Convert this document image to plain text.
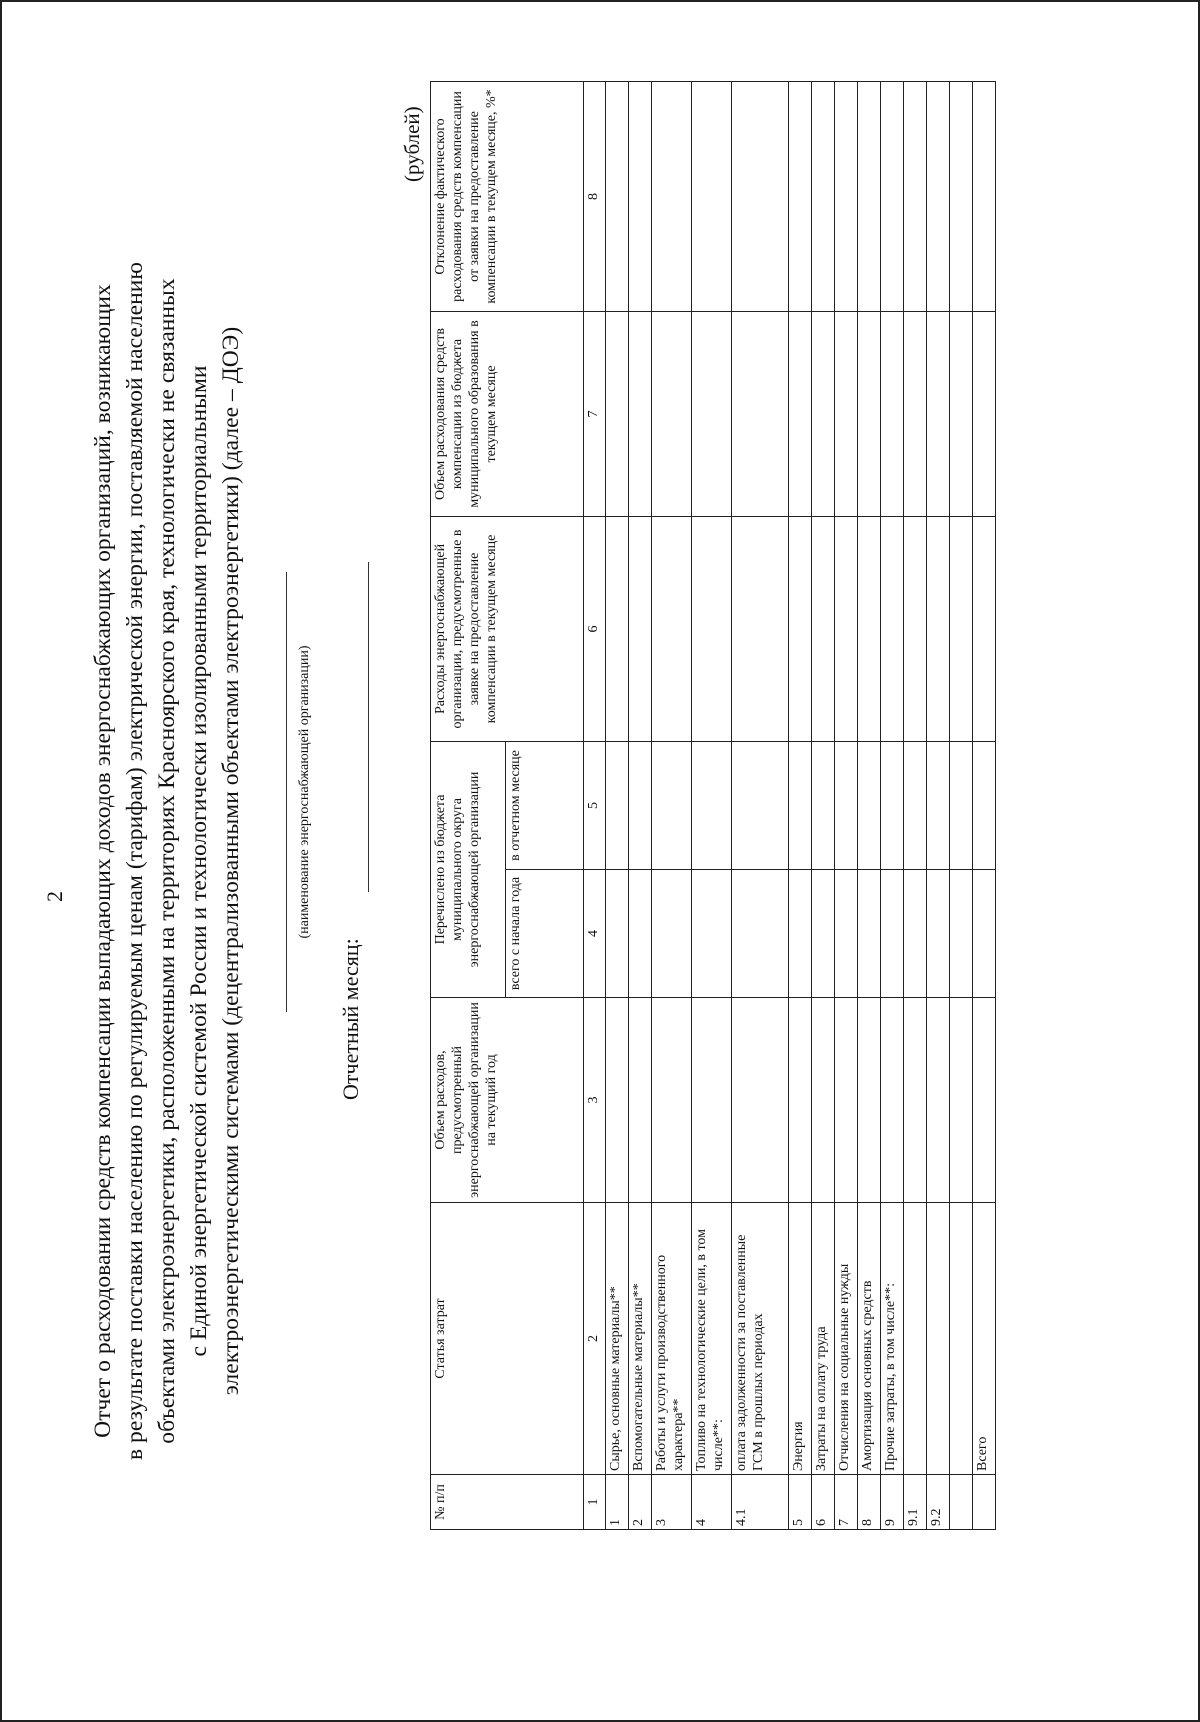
2 Отчет о расходовании средств компенсации выпадающих доходов энергоснабжающих организаций, возникающих в результате поставки населению по регулируемым ценам (тарифам) электрической энергии, поставляемой населению объектами электроэнергетики, расположенными на территориях Красноярского края, технологически не связанных с Единой энергетической системой России и технологически изолированными территориальными электроэнергетическими системами (децентрализованными объектами электроэнергетики) (далее – ДОЭ)	(наименование энергоснабжающей организации)
Отчетный месяц:
(рублей)
№ п/п	Статья затрат	Объем расходов, предусмотренный энергоснабжающей организации на текущий год	Перечислено из бюджета муниципального округа энергоснабжающей организации		Расходы энергоснабжающей организации, предусмотренные в заявке на предоставление компенсации в текущем месяце	Объем расходования средств компенсации из бюджета муниципального образования в текущем месяце	Отклонение фактического расходования средств компенсации от заявки на предоставление компенсации в текущем месяце, %*
			всего с начала года	в отчетном месяце			
1	2	3	4	5	6	7	8
1	Сырье, основные материалы**						
2	Вспомогательные материалы**						
3	Работы и услуги производственного характера**						
4	Топливо на технологические цели, в том числе**:						
4.1	оплата задолженности за поставленные ГСМ в прошлых периодах						
5	Энергия						
6	Затраты на оплату труда						
7	Отчисления на социальные нужды						
8	Амортизация основных средств						
9	Прочие затраты, в том числе**:						
9.1							
9.2							

	Всего						
